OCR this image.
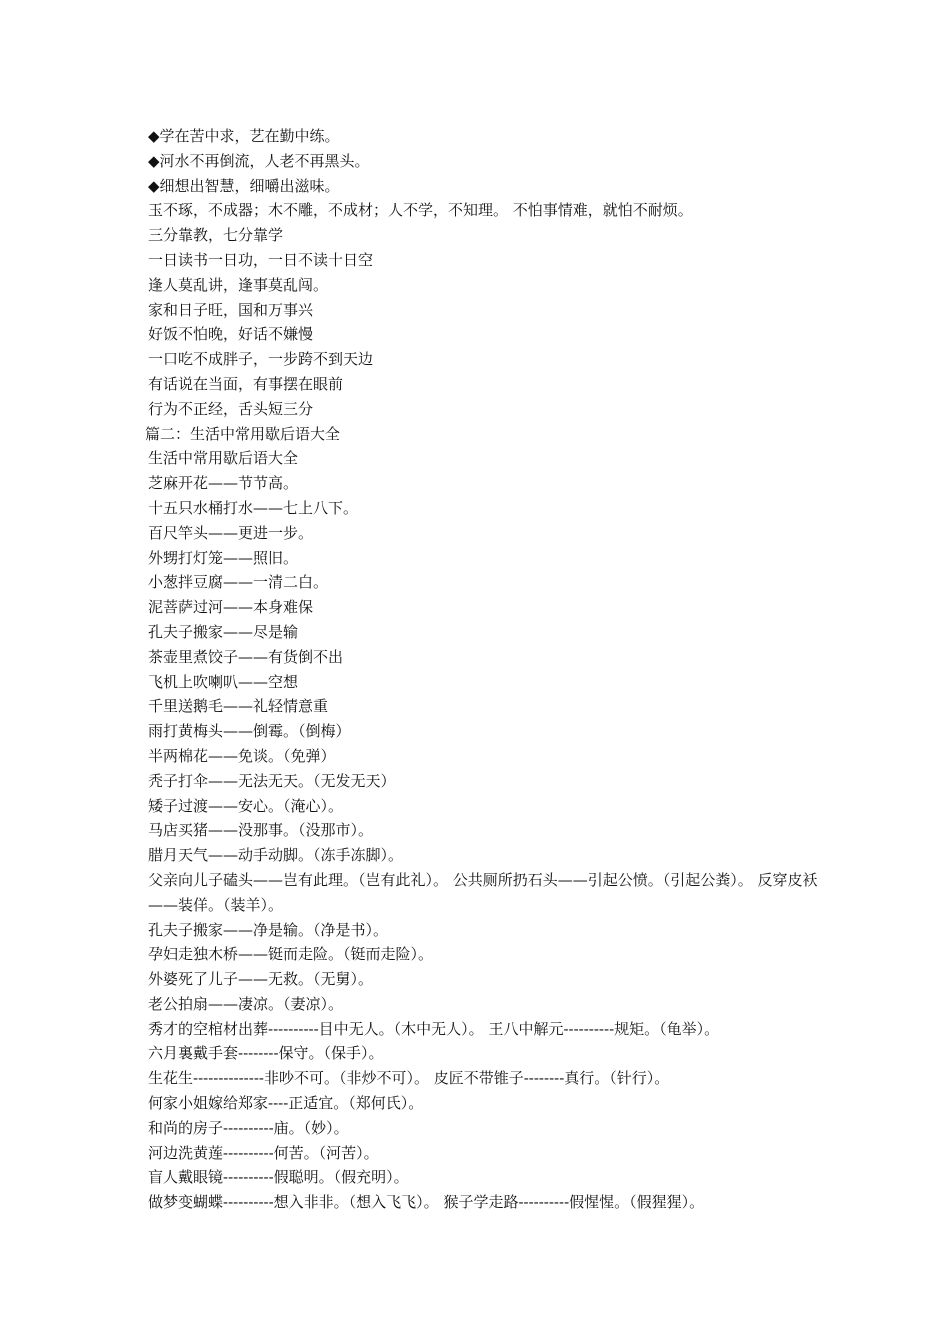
◆学在苦中求，艺在勤中练。
◆河水不再倒流，人老不再黑头。
◆细想出智慧，细嚼出滋味。
玉不琢，不成器；木不雕，不成材；人不学，不知理。 不怕事情难，就怕不耐烦。
三分靠教，七分靠学
一日读书一日功，一日不读十日空
逢人莫乱讲，逢事莫乱闯。
家和日子旺，国和万事兴
好饭不怕晚，好话不嫌慢
一口吃不成胖子，一步跨不到天边
有话说在当面，有事摆在眼前
行为不正经，舌头短三分
篇二：生活中常用歇后语大全
生活中常用歇后语大全
芝麻开花——节节高。
十五只水桶打水——七上八下。
百尺竿头——更进一步。
外甥打灯笼——照旧。
小葱拌豆腐——一清二白。
泥菩萨过河——本身难保
孔夫子搬家——尽是输
茶壶里煮饺子——有货倒不出
飞机上吹喇叭——空想
千里送鹅毛——礼轻情意重
雨打黄梅头——倒霉。（倒梅）
半两棉花——免谈。（免弹）
秃子打伞——无法无天。（无发无天）
矮子过渡——安心。（淹心）。
马店买猪——没那事。（没那市）。
腊月天气——动手动脚。（冻手冻脚）。
父亲向儿子磕头——岂有此理。（岂有此礼）。 公共厕所扔石头——引起公愤。（引起公粪）。 反穿皮袄——装佯。（装羊）。
孔夫子搬家——净是输。（净是书）。
孕妇走独木桥——铤而走险。（铤而走险）。
外婆死了儿子——无救。（无舅）。
老公拍扇——凄凉。（妻凉）。
秀才的空棺材出葬----------目中无人。（木中无人）。 王八中解元----------规矩。（龟举）。
六月裏戴手套--------保守。（保手）。
生花生--------------非吵不可。（非炒不可）。 皮匠不带锥子--------真行。（针行）。
何家小姐嫁给郑家----正适宜。（郑何氏）。
和尚的房子----------庙。（妙）。
河边洗黄莲----------何苦。（河苦）。
盲人戴眼镜----------假聪明。（假充明）。
做梦变蝴蝶----------想入非非。（想入飞飞）。 猴子学走路----------假惺惺。（假猩猩）。
